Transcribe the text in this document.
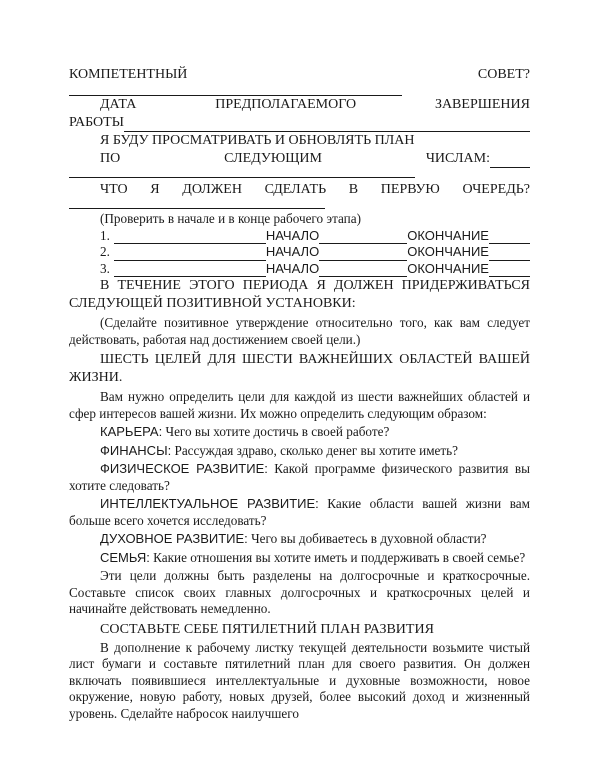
КОМПЕТЕНТНЫЙ	СОВЕТ?
ДАТА	ПРЕДПОЛАГАЕМОГО	ЗАВЕРШЕНИЯ
РАБОТЫ
Я БУДУ ПРОСМАТРИВАТЬ И ОБНОВЛЯТЬ ПЛАН
ПО	СЛЕДУЮЩИМ	ЧИСЛАМ:
ЧТО Я ДОЛЖЕН СДЕЛАТЬ В ПЕРВУЮ ОЧЕРЕДЬ?
(Проверить в начале и в конце рабочего этапа)
1.	НАЧАЛО	ОКОНЧАНИЕ
2.	НАЧАЛО	ОКОНЧАНИЕ
3.	НАЧАЛО	ОКОНЧАНИЕ

В ТЕЧЕНИЕ ЭТОГО ПЕРИОДА Я ДОЛЖЕН ПРИДЕРЖИВАТЬСЯ СЛЕДУЮЩЕЙ ПОЗИТИВНОЙ УСТАНОВКИ:

(Сделайте позитивное утверждение относительно того, как вам следует действовать, работая над достижением своей цели.)

ШЕСТЬ ЦЕЛЕЙ ДЛЯ ШЕСТИ ВАЖНЕЙШИХ ОБЛАСТЕЙ ВАШЕЙ ЖИЗНИ.

Вам нужно определить цели для каждой из шести важнейших областей и сфер интересов вашей жизни. Их можно определить следующим образом:

КАРЬЕРА: Чего вы хотите достичь в своей работе?

ФИНАНСЫ: Рассуждая здраво, сколько денег вы хотите иметь?

ФИЗИЧЕСКОЕ РАЗВИТИЕ: Какой программе физического развития вы хотите следовать?

ИНТЕЛЛЕКТУАЛЬНОЕ РАЗВИТИЕ: Какие области вашей жизни вам больше всего хочется исследовать?

ДУХОВНОЕ РАЗВИТИЕ: Чего вы добиваетесь в духовной области?

СЕМЬЯ: Какие отношения вы хотите иметь и поддерживать в своей семье?

Эти цели должны быть разделены на долгосрочные и краткосрочные. Составьте список своих главных долгосрочных и краткосрочных целей и начинайте действовать немедленно.

СОСТАВЬТЕ СЕБЕ ПЯТИЛЕТНИЙ ПЛАН РАЗВИТИЯ

В дополнение к рабочему листку текущей деятельности возьмите чистый лист бумаги и составьте пятилетний план для своего развития. Он должен включать появившиеся интеллектуальные и духовные возможности, новое окружение, новую работу, новых друзей, более высокий доход и жизненный уровень. Сделайте набросок наилучшего
